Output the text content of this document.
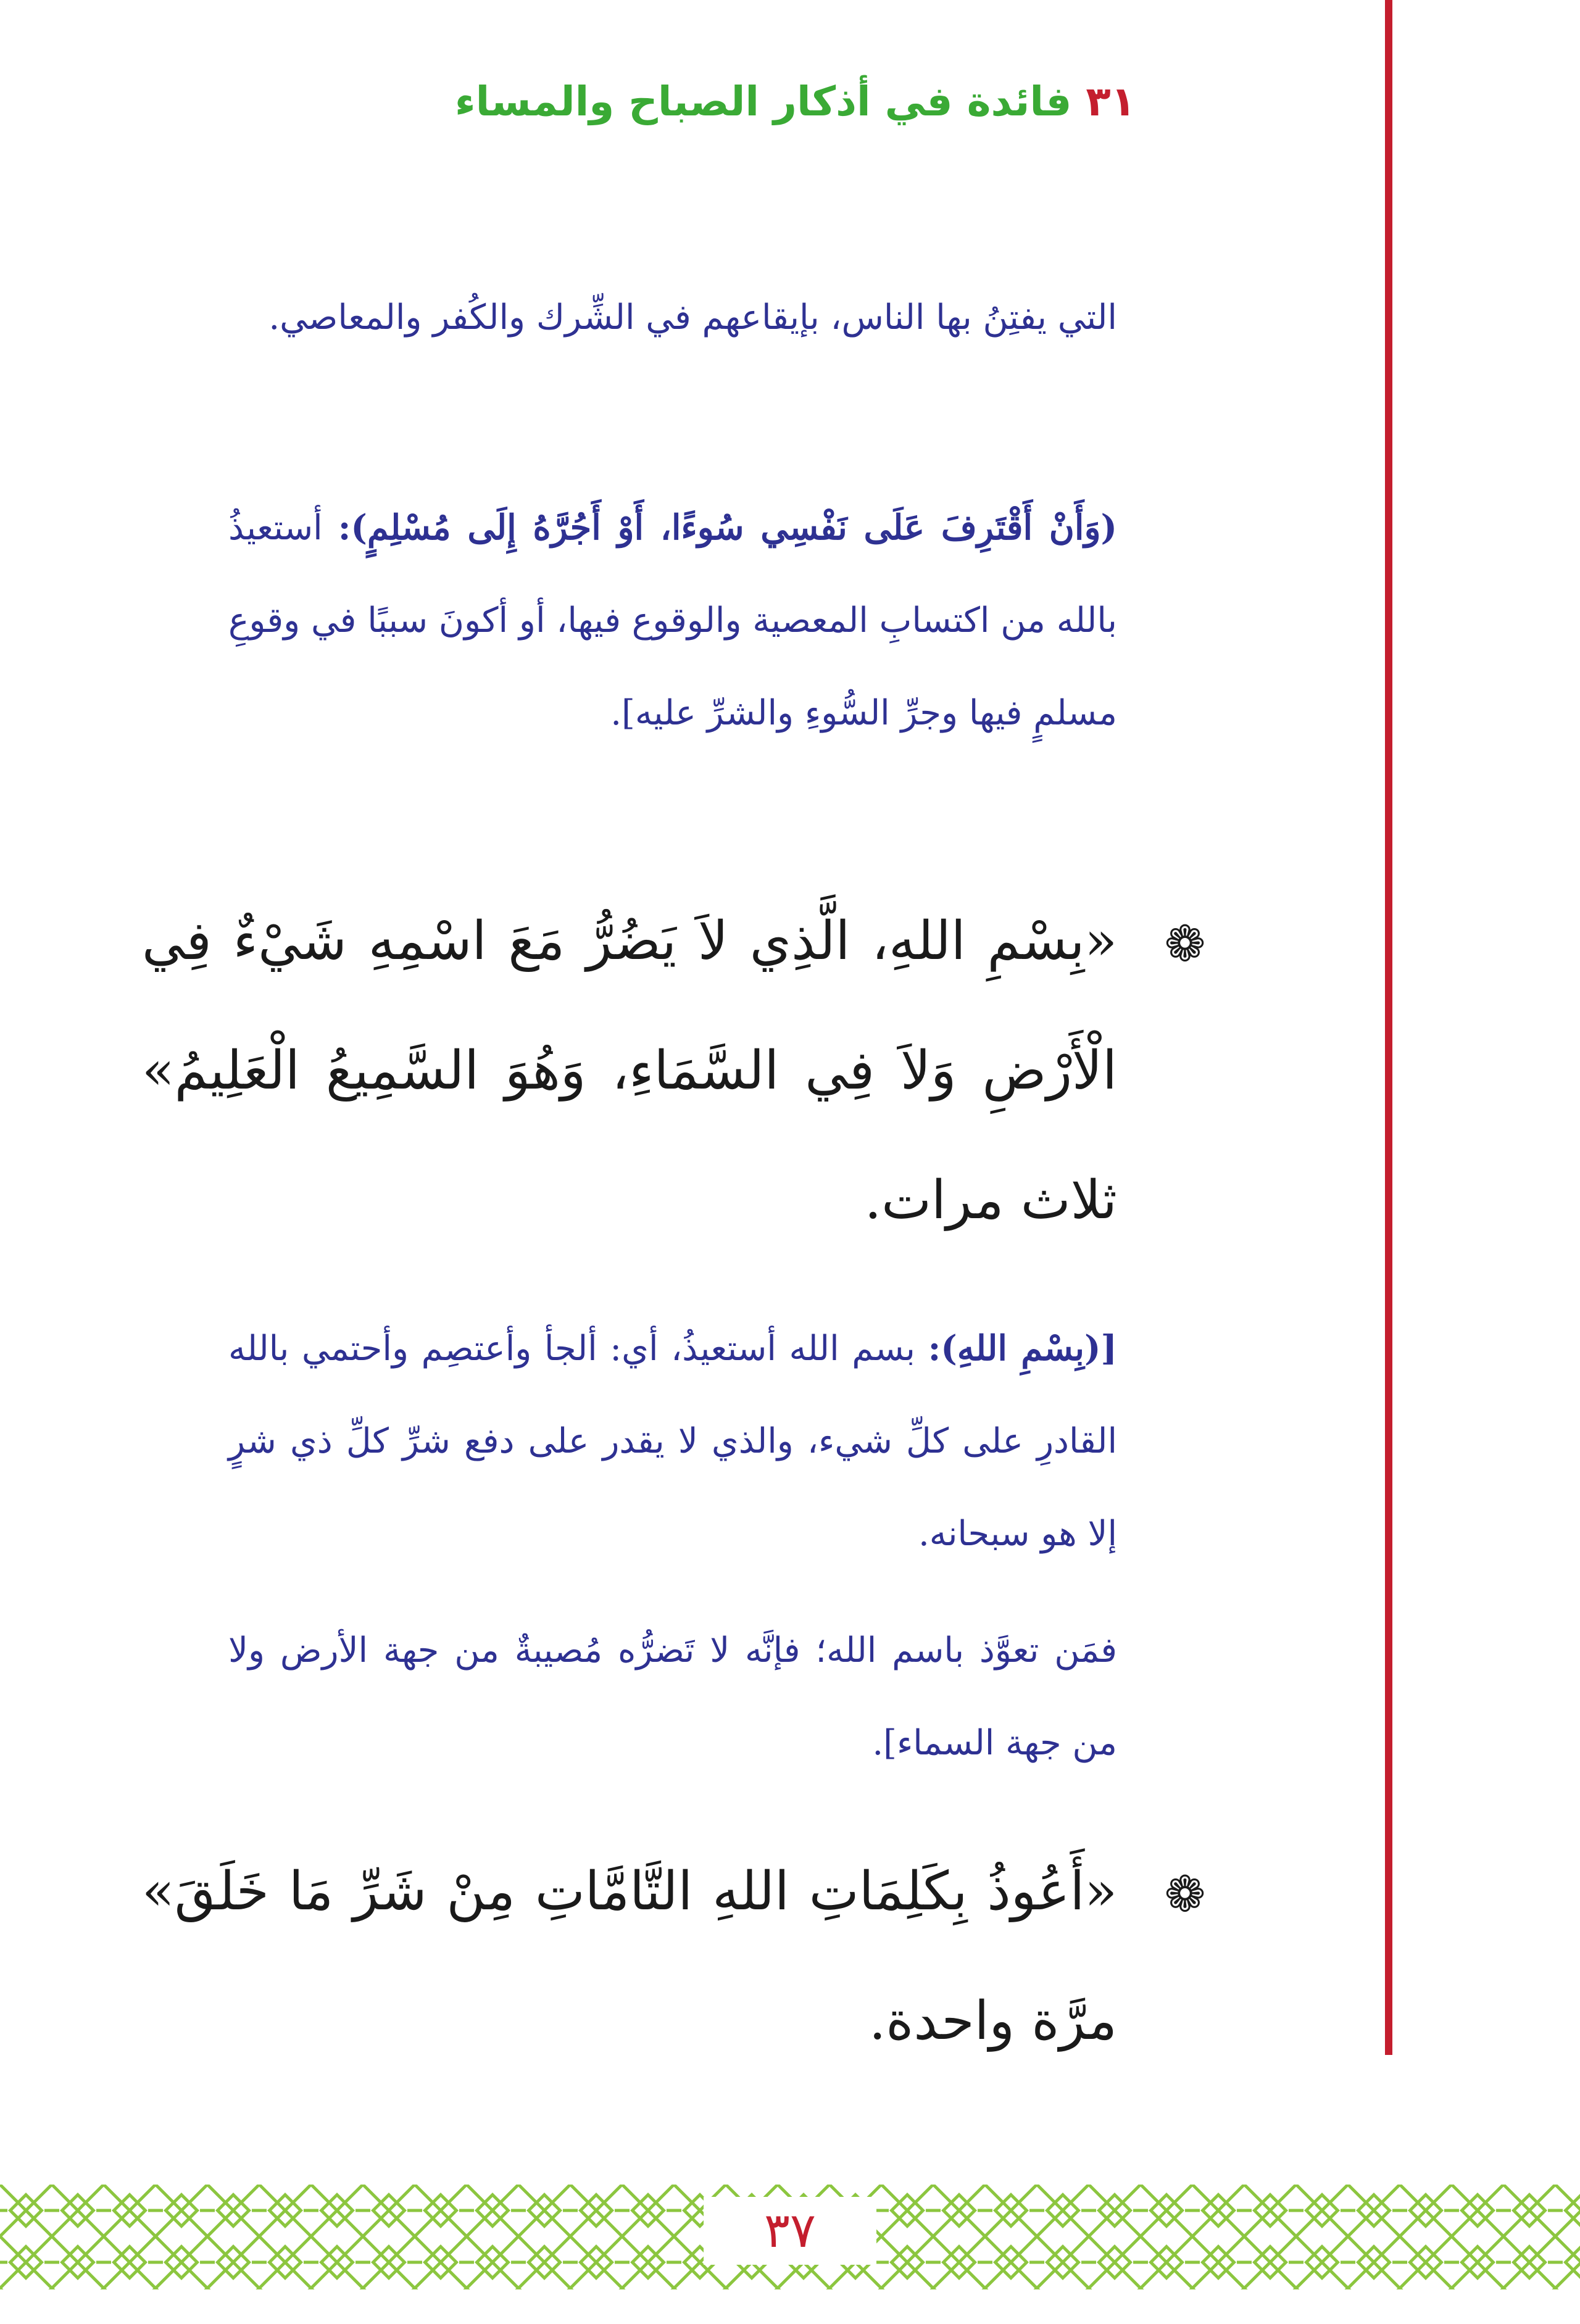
٣١ فائدة في أذكار الصباح والمساء
التي يفتِنُ بها الناس، بإيقاعهم في الشِّرك والكُفر والمعاصي.
(وَأَنْ أَقْتَرِفَ عَلَى نَفْسِي سُوءًا، أَوْ أَجُرَّهُ إِلَى مُسْلِمٍ): أستعيذُ بالله من اكتسابِ المعصية والوقوع فيها، أو أكونَ سببًا في وقوعِ مسلمٍ فيها وجرِّ السُّوءِ والشرِّ عليه].
❁
«بِسْمِ اللهِ، الَّذِي لاَ يَضُرُّ مَعَ اسْمِهِ شَيْءٌ فِي الْأَرْضِ وَلاَ فِي السَّمَاءِ، وَهُوَ السَّمِيعُ الْعَلِيمُ» ثلاث مرات.
[(بِسْمِ اللهِ): بسم الله أستعيذُ، أي: ألجأ وأعتصِم وأحتمي بالله القادرِ على كلِّ شيء، والذي لا يقدر على دفع شرِّ كلِّ ذي شرٍ إلا هو سبحانه.
فمَن تعوَّذ باسم الله؛ فإنَّه لا تَضرُّه مُصيبةٌ من جهة الأرض ولا من جهة السماء].
❁
«أَعُوذُ بِكَلِمَاتِ اللهِ التَّامَّاتِ مِنْ شَرِّ مَا خَلَقَ» مرَّة واحدة.
٣٧
